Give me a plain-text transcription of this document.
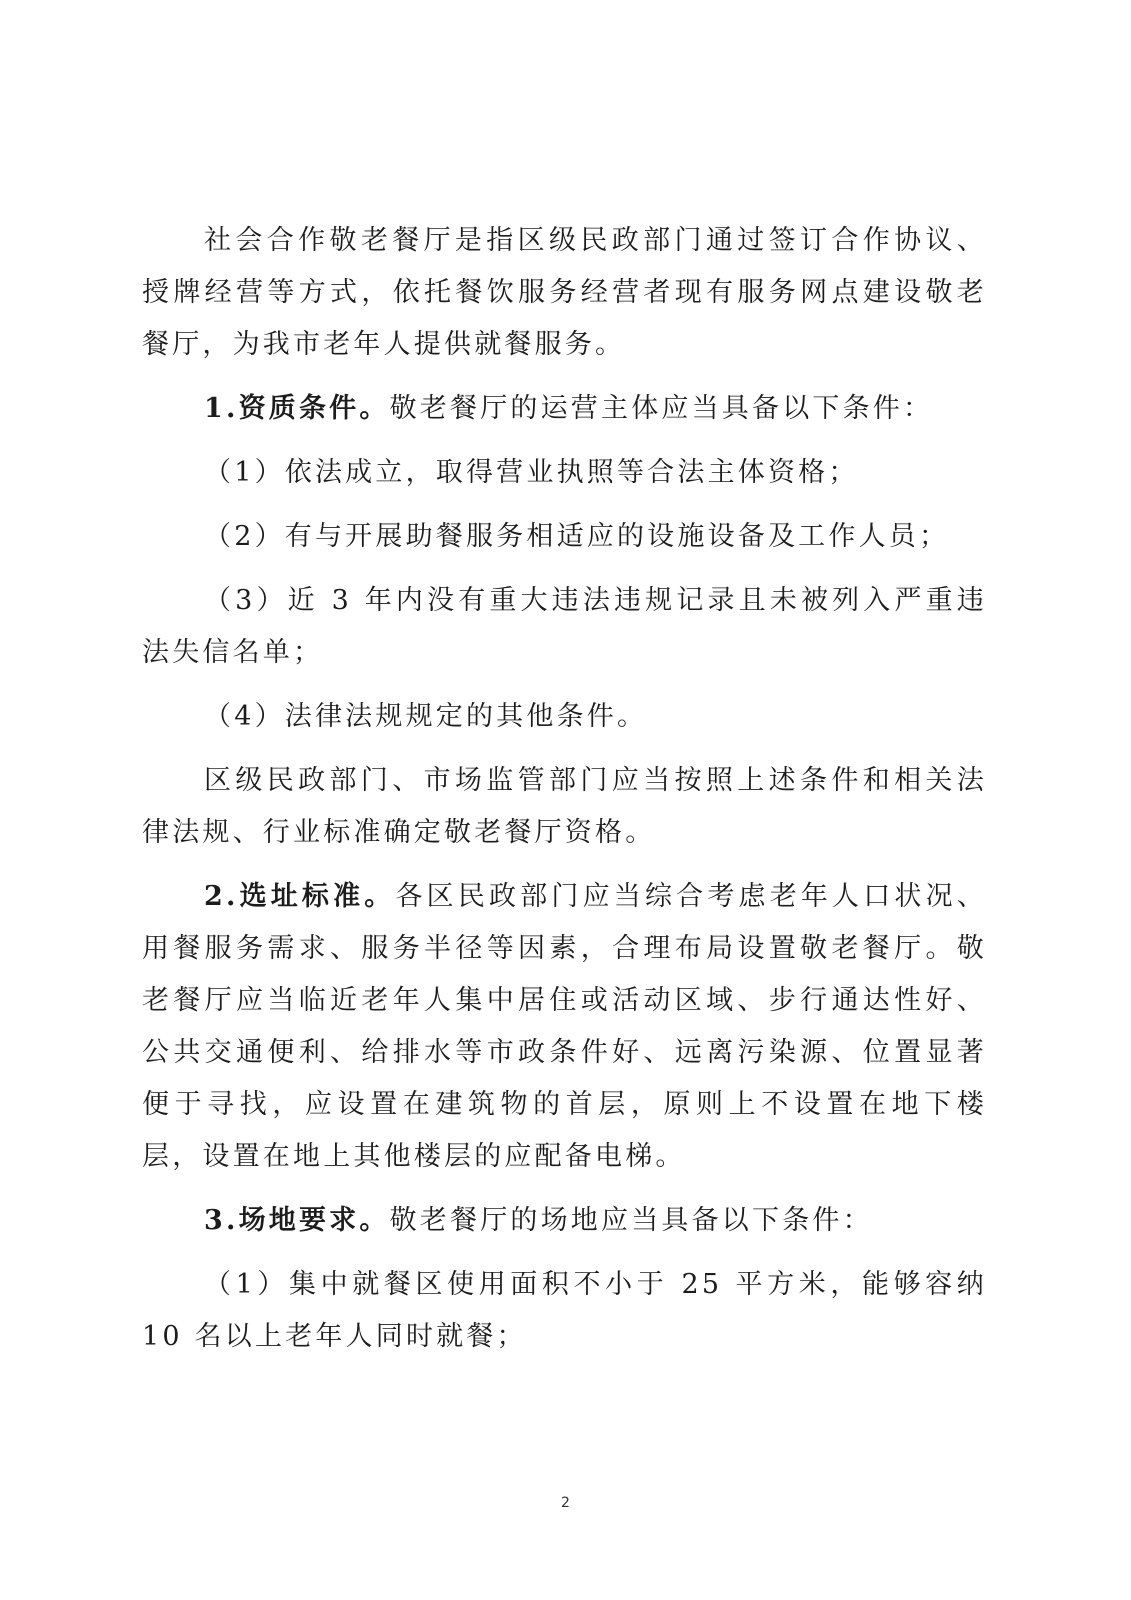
社会合作敬老餐厅是指区级民政部门通过签订合作协议、授牌经营等方式，依托餐饮服务经营者现有服务网点建设敬老餐厅，为我市老年人提供就餐服务。

1.资质条件。敬老餐厅的运营主体应当具备以下条件：

（1）依法成立，取得营业执照等合法主体资格；

（2）有与开展助餐服务相适应的设施设备及工作人员；

（3）近 3 年内没有重大违法违规记录且未被列入严重违法失信名单；

（4）法律法规规定的其他条件。

区级民政部门、市场监管部门应当按照上述条件和相关法律法规、行业标准确定敬老餐厅资格。

2.选址标准。各区民政部门应当综合考虑老年人口状况、用餐服务需求、服务半径等因素，合理布局设置敬老餐厅。敬老餐厅应当临近老年人集中居住或活动区域、步行通达性好、公共交通便利、给排水等市政条件好、远离污染源、位置显著便于寻找，应设置在建筑物的首层，原则上不设置在地下楼层，设置在地上其他楼层的应配备电梯。

3.场地要求。敬老餐厅的场地应当具备以下条件：

（1）集中就餐区使用面积不小于 25 平方米，能够容纳 10 名以上老年人同时就餐；

2
